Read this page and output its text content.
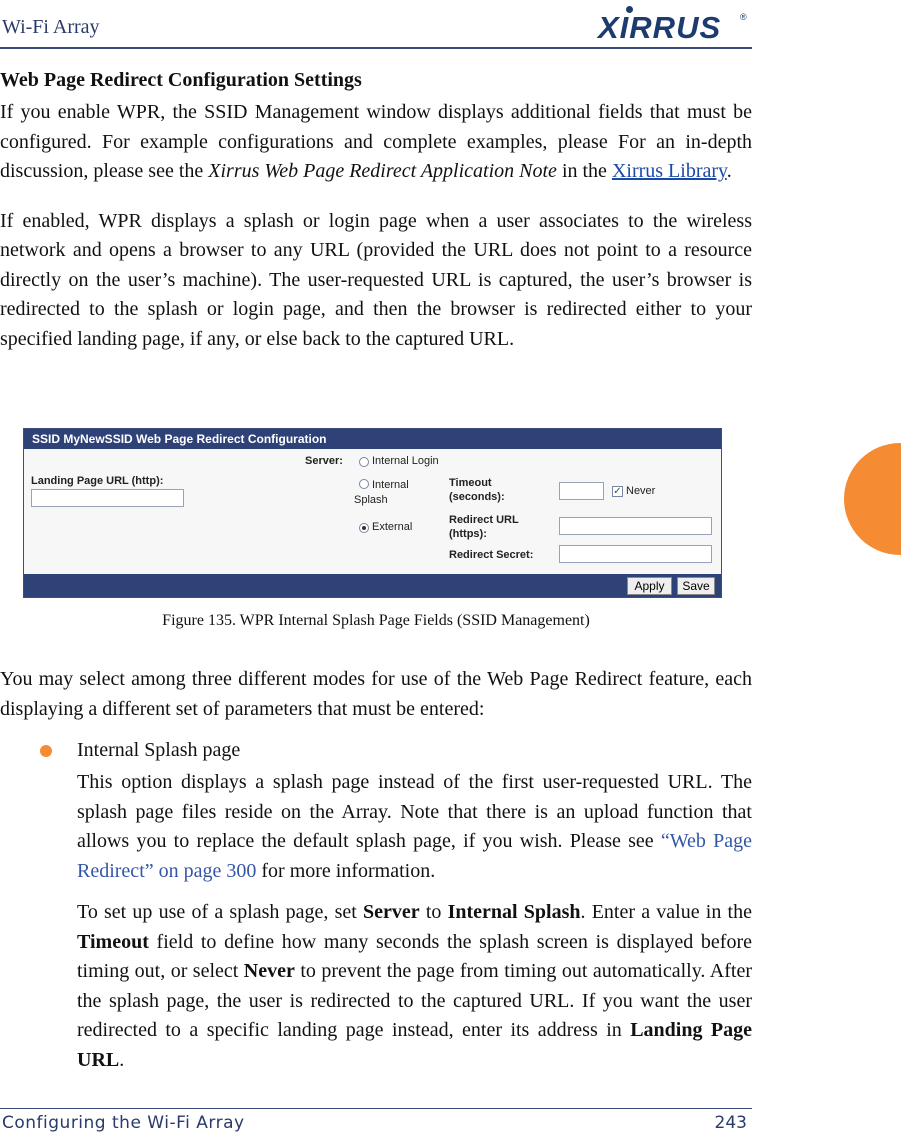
Wi-Fi Array	XIRRUS ®
Web Page Redirect Configuration Settings

If you enable WPR, the SSID Management window displays additional fields that must be configured. For example configurations and complete examples, please For an in-depth discussion, please see the Xirrus Web Page Redirect Application Note in the Xirrus Library.

If enabled, WPR displays a splash or login page when a user associates to the wireless network and opens a browser to any URL (provided the URL does not point to a resource directly on the user’s machine). The user-requested URL is captured, the user’s browser is redirected to the splash or login page, and then the browser is redirected either to your specified landing page, if any, or else back to the captured URL.

SSID MyNewSSID Web Page Redirect Configuration
Landing Page URL (http):
Server:	Internal Login
Internal
Splash
External
Timeout
(seconds):	✓ Never
Redirect URL
(https):
Redirect Secret:
Apply	Save
Figure 135. WPR Internal Splash Page Fields (SSID Management)

You may select among three different modes for use of the Web Page Redirect feature, each displaying a different set of parameters that must be entered:

Internal Splash page

This option displays a splash page instead of the first user-requested URL. The splash page files reside on the Array. Note that there is an upload function that allows you to replace the default splash page, if you wish. Please see “Web Page Redirect” on page 300 for more information.

To set up use of a splash page, set Server to Internal Splash. Enter a value in the Timeout field to define how many seconds the splash screen is displayed before timing out, or select Never to prevent the page from timing out automatically. After the splash page, the user is redirected to the captured URL. If you want the user redirected to a specific landing page instead, enter its address in Landing Page URL.

Configuring the Wi-Fi Array	243
